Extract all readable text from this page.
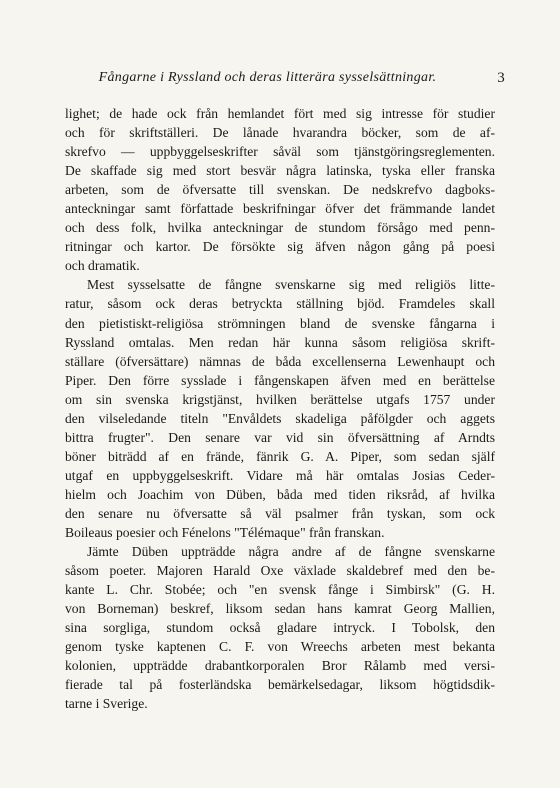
Fångarne i Ryssland och deras litterära sysselsättningar.	3
lighet; de hade ock från hemlandet fört med sig intresse för studier
och för skriftställeri. De lånade hvarandra böcker, som de af-
skrefvo — uppbyggelseskrifter såväl som tjänstgöringsreglementen.
De skaffade sig med stort besvär några latinska, tyska eller franska
arbeten, som de öfversatte till svenskan. De nedskrefvo dagboks-
anteckningar samt författade beskrifningar öfver det främmande landet
och dess folk, hvilka anteckningar de stundom försågo med penn-
ritningar och kartor. De försökte sig äfven någon gång på poesi
och dramatik.
Mest sysselsatte de fångne svenskarne sig med religiös litte-
ratur, såsom ock deras betryckta ställning bjöd. Framdeles skall
den pietistiskt-religiösa strömningen bland de svenske fångarna i
Ryssland omtalas. Men redan här kunna såsom religiösa skrift-
ställare (öfversättare) nämnas de båda excellenserna Lewenhaupt och
Piper. Den förre sysslade i fångenskapen äfven med en berättelse
om sin svenska krigstjänst, hvilken berättelse utgafs 1757 under
den vilseledande titeln "Envåldets skadeliga påfölgder och aggets
bittra frugter". Den senare var vid sin öfversättning af Arndts
böner biträdd af en frände, fänrik G. A. Piper, som sedan själf
utgaf en uppbyggelseskrift. Vidare må här omtalas Josias Ceder-
hielm och Joachim von Düben, båda med tiden riksråd, af hvilka
den senare nu öfversatte så väl psalmer från tyskan, som ock
Boileaus poesier och Fénelons "Télémaque" från franskan.
Jämte Düben uppträdde några andre af de fångne svenskarne
såsom poeter. Majoren Harald Oxe växlade skaldebref med den be-
kante L. Chr. Stobée; och "en svensk fånge i Simbirsk" (G. H.
von Borneman) beskref, liksom sedan hans kamrat Georg Mallien,
sina sorgliga, stundom också gladare intryck. I Tobolsk, den
genom tyske kaptenen C. F. von Wreechs arbeten mest bekanta
kolonien, uppträdde drabantkorporalen Bror Rålamb med versi-
fierade tal på fosterländska bemärkelsedagar, liksom högtidsdik-
tarne i Sverige.
